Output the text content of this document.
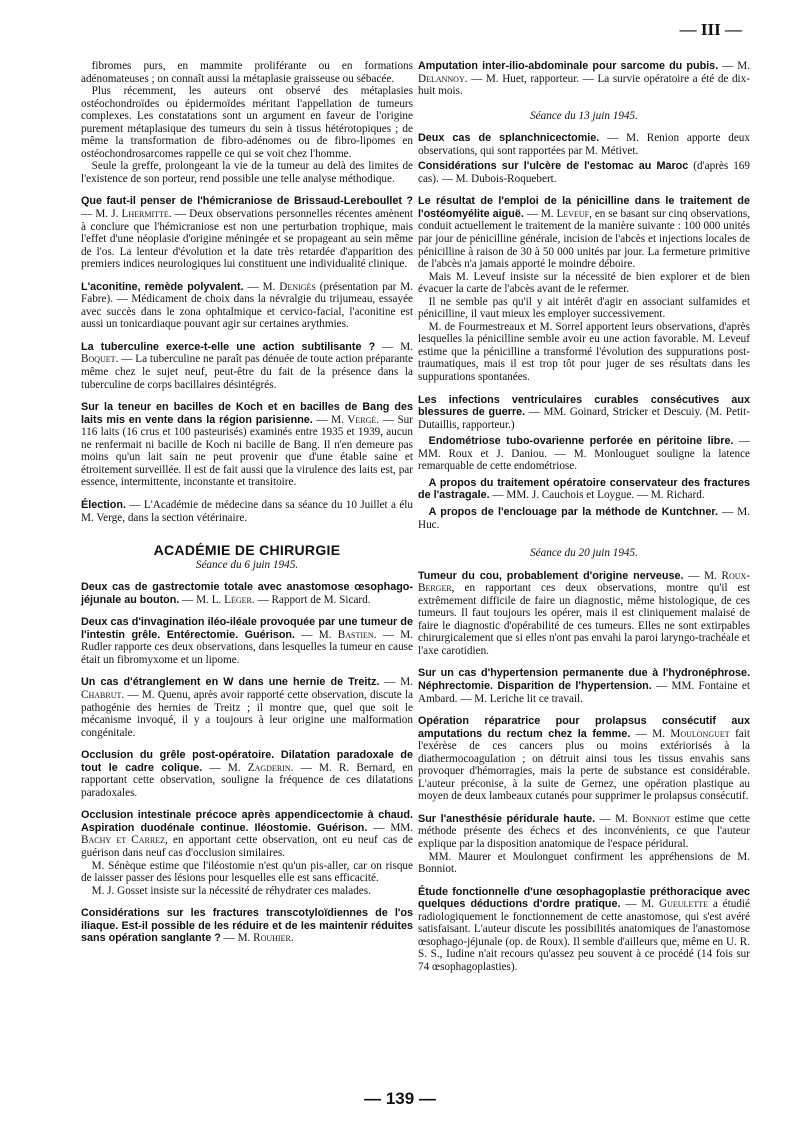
— III —

fibromes purs, en mammite proliférante ou en formations adénomateuses ; on connaît aussi la métaplasie graisseuse ou sébacée.

Plus récemment, les auteurs ont observé des métaplasies ostéochondroïdes ou épidermoïdes méritant l'appellation de tumeurs complexes. Les constatations sont un argument en faveur de l'origine purement métaplasique des tumeurs du sein à tissus hétérotopiques ; de même la transformation de fibro-adénomes ou de fibro-lipomes en ostéochondrosarcomes rappelle ce qui se voit chez l'homme.

Seule la greffe, prolongeant la vie de la tumeur au delà des limites de l'existence de son porteur, rend possible une telle analyse méthodique.

Que faut-il penser de l'hémicraniose de Brissaud-Lereboullet ? — M. J. Lhermitte. — Deux observations personnelles récentes amènent à conclure que l'hémicraniose est non une perturbation trophique, mais l'effet d'une néoplasie d'origine méningée et se propageant au sein même de l'os. La lenteur d'évolution et la date très retardée d'apparition des premiers indices neurologiques lui constituent une individualité clinique.

L'aconitine, remède polyvalent. — M. Denigès (présentation par M. Fabre). — Médicament de choix dans la névralgie du trijumeau, essayée avec succès dans le zona ophtalmique et cervico-facial, l'aconitine est aussi un tonicardiaque pouvant agir sur certaines arythmies.

La tuberculine exerce-t-elle une action subtilisante ? — M. Boquet. — La tuberculine ne paraît pas dénuée de toute action préparante même chez le sujet neuf, peut-être du fait de la présence dans la tuberculine de corps bacillaires désintégrés.

Sur la teneur en bacilles de Koch et en bacilles de Bang des laits mis en vente dans la région parisienne. — M. Vergé. — Sur 116 laits (16 crus et 100 pasteurisés) examinés entre 1935 et 1939, aucun ne renfermait ni bacille de Koch ni bacille de Bang. Il n'en demeure pas moins qu'un lait sain ne peut provenir que d'une étable saine et étroitement surveillée. Il est de fait aussi que la virulence des laits est, par essence, intermittente, inconstante et transitoire.

Élection. — L'Académie de médecine dans sa séance du 10 Juillet a élu M. Verge, dans la section vétérinaire.

ACADÉMIE DE CHIRURGIE

Séance du 6 juin 1945.

Deux cas de gastrectomie totale avec anastomose œsophago-jéjunale au bouton. — M. L. Léger. — Rapport de M. Sicard.

Deux cas d'invagination iléo-iléale provoquée par une tumeur de l'intestin grêle. Entérectomie. Guérison. — M. Bastien. — M. Rudler rapporte ces deux observations, dans lesquelles la tumeur en cause était un fibromyxome et un lipome.

Un cas d'étranglement en W dans une hernie de Treitz. — M. Chabrut. — M. Quenu, après avoir rapporté cette observation, discute la pathogénie des hernies de Treitz ; il montre que, quel que soit le mécanisme invoqué, il y a toujours à leur origine une malformation congénitale.

Occlusion du grêle post-opératoire. Dilatation paradoxale de tout le cadre colique. — M. Zagderin. — M. R. Bernard, en rapportant cette observation, souligne la fréquence de ces dilatations paradoxales.

Occlusion intestinale précoce après appendicectomie à chaud. Aspiration duodénale continue. Iléostomie. Guérison. — MM. Bachy et Carrez, en apportant cette observation, ont eu neuf cas de guérison dans neuf cas d'occlusion similaires.

M. Sénèque estime que l'iléostomie n'est qu'un pis-aller, car on risque de laisser passer des lésions pour lesquelles elle est sans efficacité.

M. J. Gosset insiste sur la nécessité de réhydrater ces malades.

Considérations sur les fractures transcotyloïdiennes de l'os iliaque. Est-il possible de les réduire et de les maintenir réduites sans opération sanglante ? — M. Rouhier.

Amputation inter-ilio-abdominale pour sarcome du pubis. — M. Delannoy. — M. Huet, rapporteur. — La survie opératoire a été de dix-huit mois.

Séance du 13 juin 1945.

Deux cas de splanchnicectomie. — M. Renion apporte deux observations, qui sont rapportées par M. Métivet.

Considérations sur l'ulcère de l'estomac au Maroc (d'après 169 cas). — M. Dubois-Roquebert.

Le résultat de l'emploi de la pénicilline dans le traitement de l'ostéomyélite aiguë. — M. Leveuf, en se basant sur cinq observations, conduit actuellement le traitement de la manière suivante : 100 000 unités par jour de pénicilline générale, incision de l'abcès et injections locales de pénicilline à raison de 30 à 50 000 unités par jour. La fermeture primitive de l'abcès n'a jamais apporté le moindre déboire.

Mais M. Leveuf insiste sur la nécessité de bien explorer et de bien évacuer la carte de l'abcès avant de le refermer.

Il ne semble pas qu'il y ait intérêt d'agir en associant sulfamides et pénicilline, il vaut mieux les employer successivement.

M. de Fourmestreaux et M. Sorrel apportent leurs observations, d'après lesquelles la pénicilline semble avoir eu une action favorable. M. Leveuf estime que la pénicilline a transformé l'évolution des suppurations post-traumatiques, mais il est trop tôt pour juger de ses résultats dans les suppurations spontanées.

Les infections ventriculaires curables consécutives aux blessures de guerre. — MM. Goinard, Stricker et Descuiy. (M. Petit-Dutaillis, rapporteur.)

Endométriose tubo-ovarienne perforée en péritoine libre. — MM. Roux et J. Daniou. — M. Monlouguet souligne la latence remarquable de cette endométriose.

A propos du traitement opératoire conservateur des fractures de l'astragale. — MM. J. Cauchois et Loygue. — M. Richard.

A propos de l'enclouage par la méthode de Kuntchner. — M. Huc.

Séance du 20 juin 1945.

Tumeur du cou, probablement d'origine nerveuse. — M. Roux-Berger, en rapportant ces deux observations, montre qu'il est extrêmement difficile de faire un diagnostic, même histologique, de ces tumeurs. Il faut toujours les opérer, mais il est cliniquement malaisé de faire le diagnostic d'opérabilité de ces tumeurs. Elles ne sont extirpables chirurgicalement que si elles n'ont pas envahi la paroi laryngo-trachéale et l'axe carotidien.

Sur un cas d'hypertension permanente due à l'hydronéphrose. Néphrectomie. Disparition de l'hypertension. — MM. Fontaine et Ambard. — M. Leriche lit ce travail.

Opération réparatrice pour prolapsus consécutif aux amputations du rectum chez la femme. — M. Moulonguet fait l'exérèse de ces cancers plus ou moins extériorisés à la diathermocoagulation ; on détruit ainsi tous les tissus envahis sans provoquer d'hémorragies, mais la perte de substance est considérable. L'auteur préconise, à la suite de Gernez, une opération plastique au moyen de deux lambeaux cutanés pour supprimer le prolapsus consécutif.

Sur l'anesthésie péridurale haute. — M. Bonniot estime que cette méthode présente des échecs et des inconvénients, ce que l'auteur explique par la disposition anatomique de l'espace péridural.

MM. Maurer et Moulonguet confirment les appréhensions de M. Bonniot.

Étude fonctionnelle d'une œsophagoplastie préthoracique avec quelques déductions d'ordre pratique. — M. Gueulette a étudié radiologiquement le fonctionnement de cette anastomose, qui s'est avéré satisfaisant. L'auteur discute les possibilités anatomiques de l'anastomose œsophago-jéjunale (op. de Roux). Il semble d'ailleurs que, même en U. R. S. S., Iudine n'ait recours qu'assez peu souvent à ce procédé (14 fois sur 74 œsophagoplasties).

— 139 —
